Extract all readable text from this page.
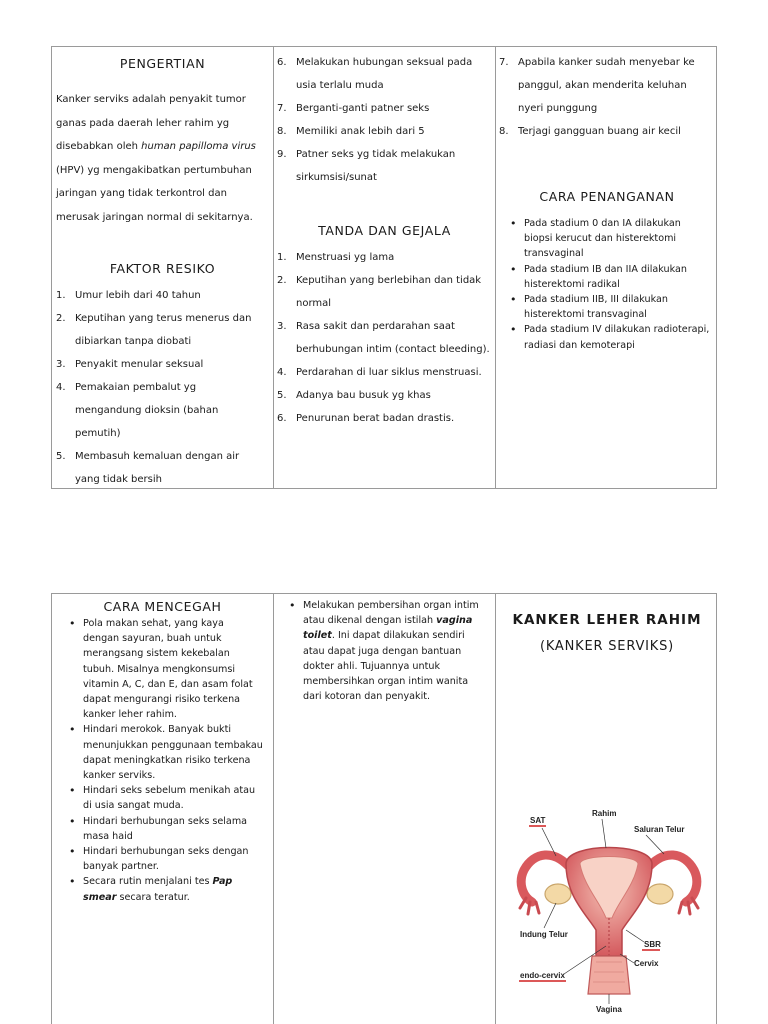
PENGERTIAN
Kanker serviks adalah penyakit tumor ganas pada daerah leher rahim yg disebabkan oleh human papilloma virus (HPV) yg mengakibatkan pertumbuhan jaringan yang tidak terkontrol dan merusak jaringan normal di sekitarnya.
FAKTOR RESIKO
1. Umur lebih dari 40 tahun
2. Keputihan yang terus menerus dan dibiarkan tanpa diobati
3. Penyakit menular seksual
4. Pemakaian pembalut yg mengandung dioksin (bahan pemutih)
5. Membasuh kemaluan dengan air yang tidak bersih
6. Melakukan hubungan seksual pada usia terlalu muda
7. Berganti-ganti patner seks
8. Memiliki anak lebih dari 5
9. Patner seks yg tidak melakukan sirkumsisi/sunat
TANDA DAN GEJALA
1. Menstruasi yg lama
2. Keputihan yang berlebihan dan tidak normal
3. Rasa sakit dan perdarahan saat berhubungan intim (contact bleeding).
4. Perdarahan di luar siklus menstruasi.
5. Adanya bau busuk yg khas
6. Penurunan berat badan drastis.
7. Apabila kanker sudah menyebar ke panggul, akan menderita keluhan nyeri punggung
8. Terjagi gangguan buang air kecil
CARA PENANGANAN
• Pada stadium 0 dan IA dilakukan biopsi kerucut dan histerektomi transvaginal
• Pada stadium IB dan IIA dilakukan histerektomi radikal
• Pada stadium IIB, III dilakukan histerektomi transvaginal
• Pada stadium IV dilakukan radioterapi, radiasi dan kemoterapi
CARA MENCEGAH
• Pola makan sehat, yang kaya dengan sayuran, buah untuk merangsang sistem kekebalan tubuh. Misalnya mengkonsumsi vitamin A, C, dan E, dan asam folat dapat mengurangi risiko terkena kanker leher rahim.
• Hindari merokok. Banyak bukti menunjukkan penggunaan tembakau dapat meningkatkan risiko terkena kanker serviks.
• Hindari seks sebelum menikah atau di usia sangat muda.
• Hindari berhubungan seks selama masa haid
• Hindari berhubungan seks dengan banyak partner.
• Secara rutin menjalani tes Pap smear secara teratur.
• Melakukan pembersihan organ intim atau dikenal dengan istilah vagina toilet. Ini dapat dilakukan sendiri atau dapat juga dengan bantuan dokter ahli. Tujuannya untuk membersihkan organ intim wanita dari kotoran dan penyakit.
KANKER LEHER RAHIM
(KANKER SERVIKS)
SAT
Rahim
Saluran Telur
Indung Telur
SBR
Cervix
endo-cervix
Vagina
